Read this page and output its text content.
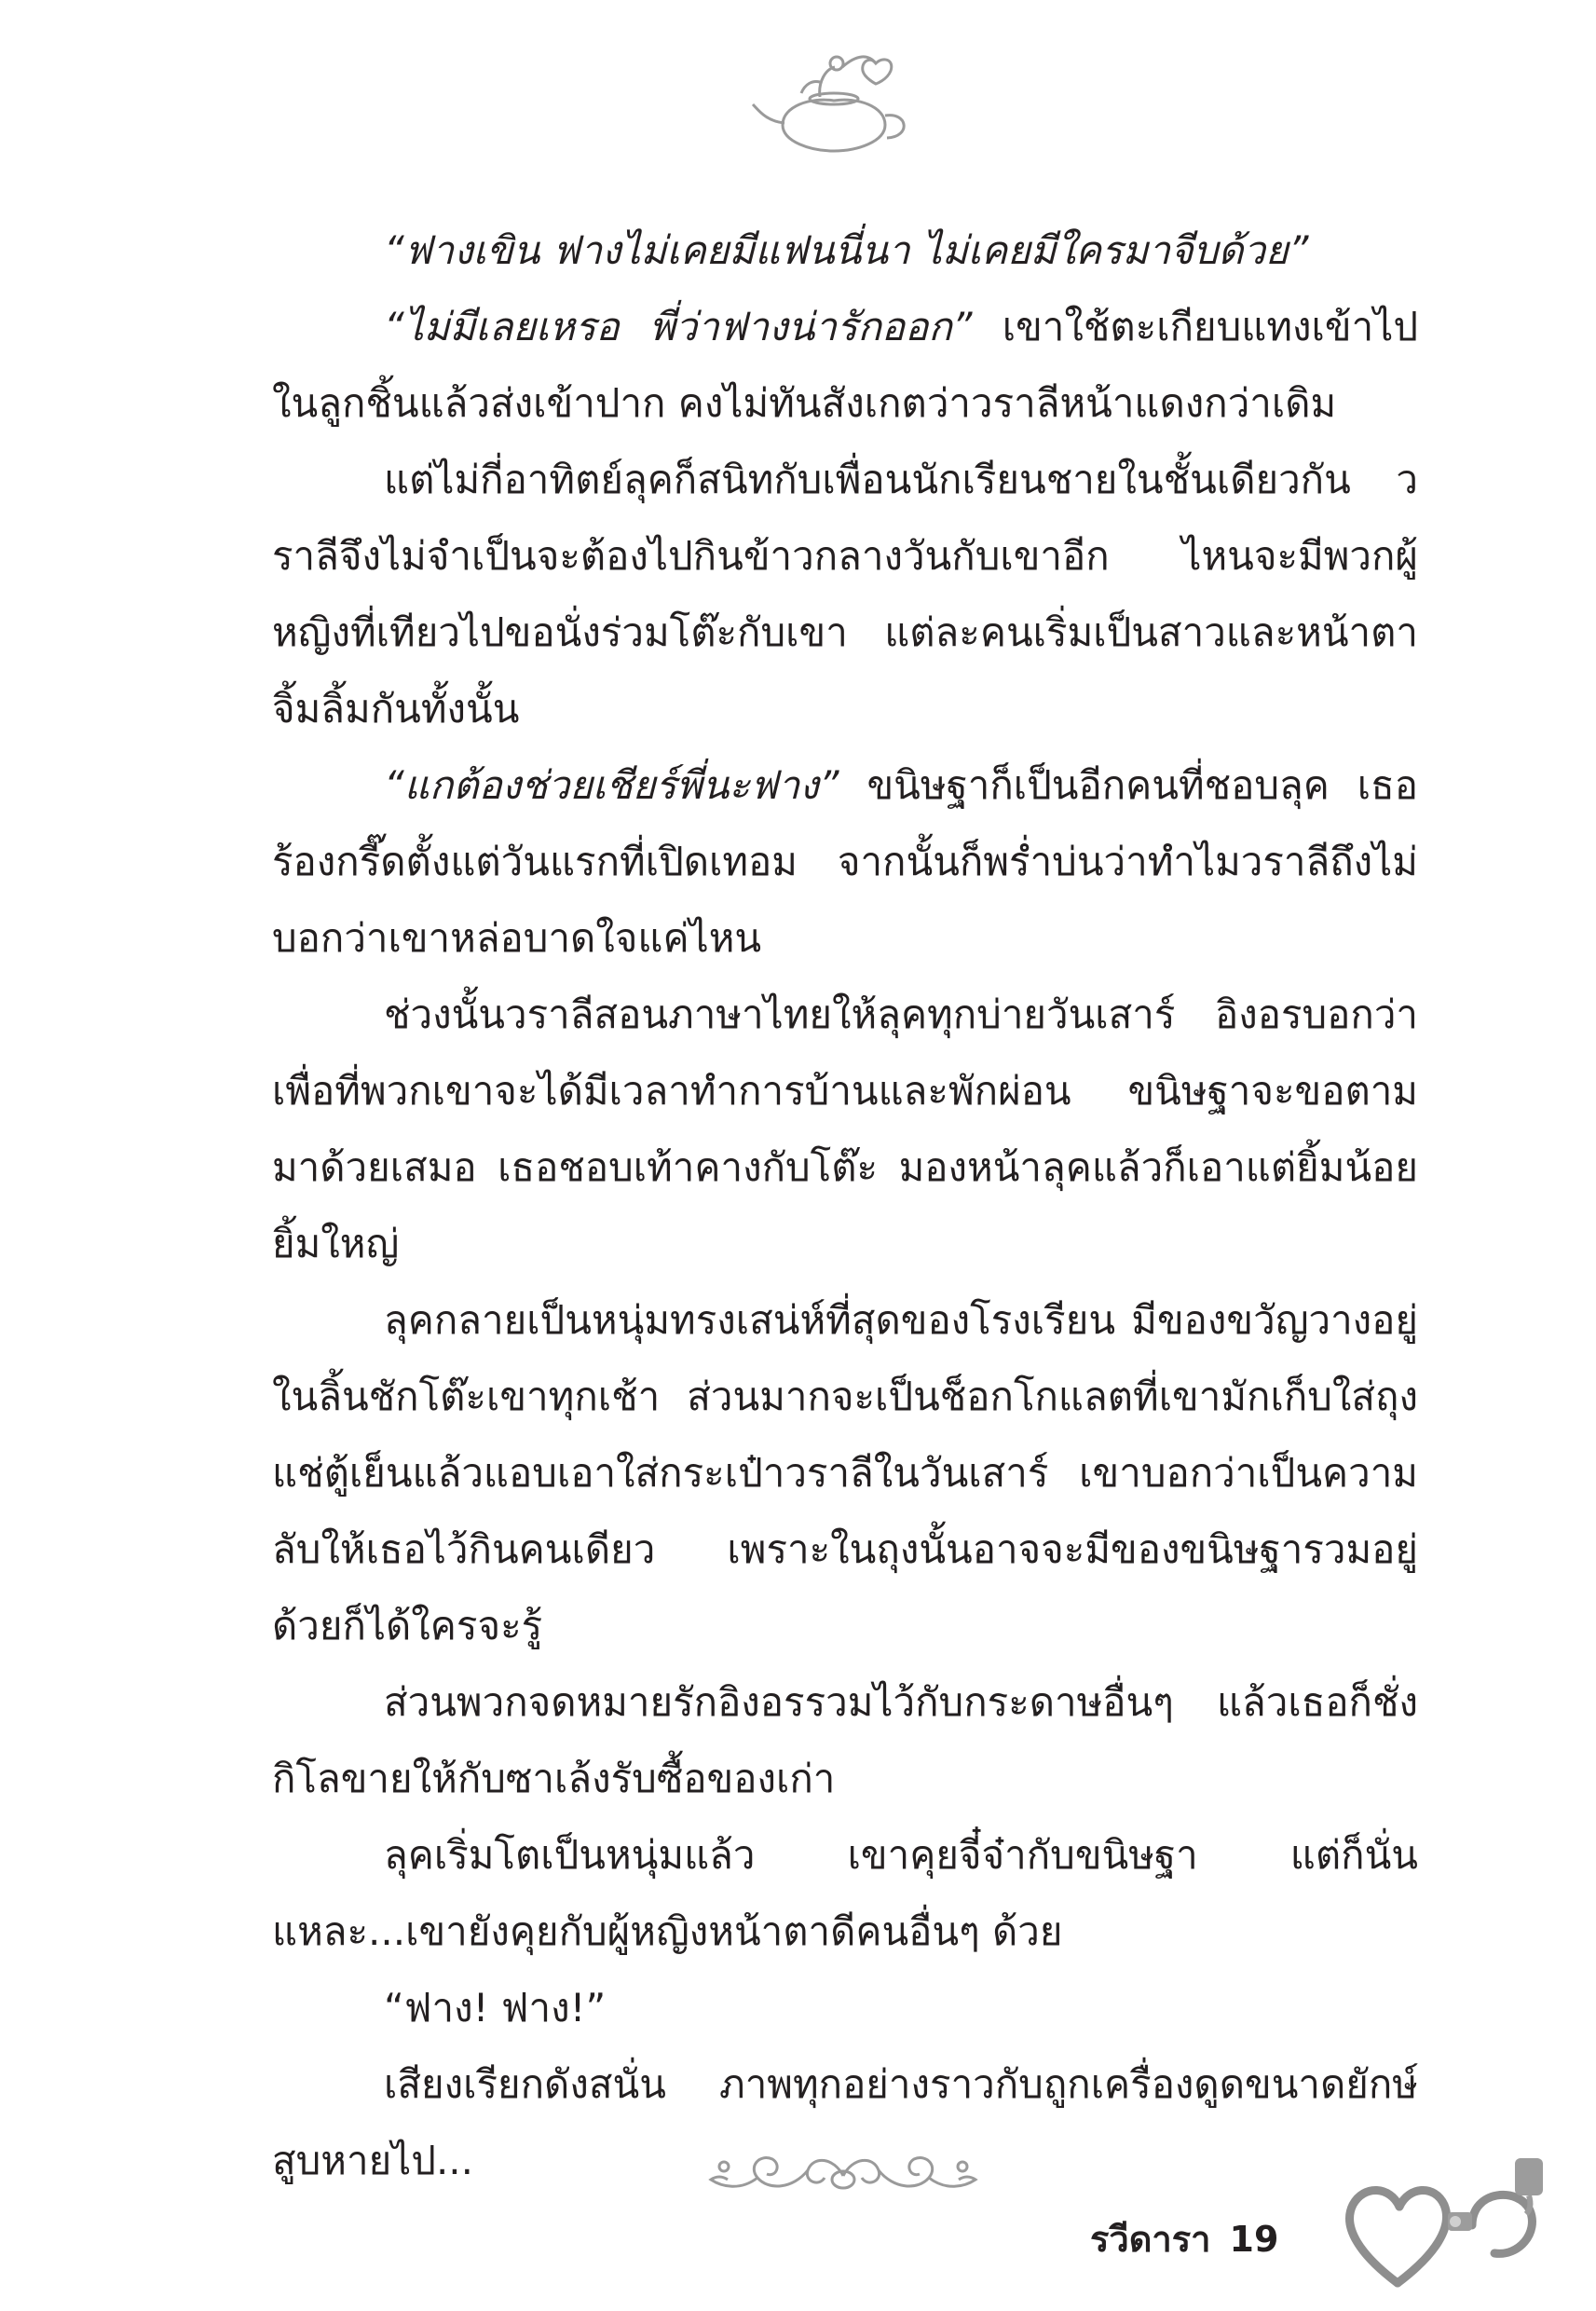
“ฟางเขิน ฟางไม่เคยมีแฟนนี่นา ไม่เคยมีใครมาจีบด้วย”

“ไม่มีเลยเหรอ พี่ว่าฟางน่ารักออก” เขาใช้ตะเกียบแทงเข้าไปในลูกชิ้นแล้วส่งเข้าปาก คงไม่ทันสังเกตว่าวราลีหน้าแดงกว่าเดิม

แต่ไม่กี่อาทิตย์ลุคก็สนิทกับเพื่อนนักเรียนชายในชั้นเดียวกัน วราลีจึงไม่จำเป็นจะต้องไปกินข้าวกลางวันกับเขาอีก ไหนจะมีพวกผู้หญิงที่เทียวไปขอนั่งร่วมโต๊ะกับเขา แต่ละคนเริ่มเป็นสาวและหน้าตาจิ้มลิ้มกันทั้งนั้น

“แกต้องช่วยเชียร์พี่นะฟาง” ขนิษฐาก็เป็นอีกคนที่ชอบลุค เธอร้องกรี๊ดตั้งแต่วันแรกที่เปิดเทอม จากนั้นก็พร่ำบ่นว่าทำไมวราลีถึงไม่บอกว่าเขาหล่อบาดใจแค่ไหน

ช่วงนั้นวราลีสอนภาษาไทยให้ลุคทุกบ่ายวันเสาร์ อิงอรบอกว่าเพื่อที่พวกเขาจะได้มีเวลาทำการบ้านและพักผ่อน ขนิษฐาจะขอตามมาด้วยเสมอ เธอชอบเท้าคางกับโต๊ะ มองหน้าลุคแล้วก็เอาแต่ยิ้มน้อยยิ้มใหญ่

ลุคกลายเป็นหนุ่มทรงเสน่ห์ที่สุดของโรงเรียน มีของขวัญวางอยู่ในลิ้นชักโต๊ะเขาทุกเช้า ส่วนมากจะเป็นช็อกโกแลตที่เขามักเก็บใส่ถุงแช่ตู้เย็นแล้วแอบเอาใส่กระเป๋าวราลีในวันเสาร์ เขาบอกว่าเป็นความลับให้เธอไว้กินคนเดียว เพราะในถุงนั้นอาจจะมีของขนิษฐารวมอยู่ด้วยก็ได้ใครจะรู้

ส่วนพวกจดหมายรักอิงอรรวมไว้กับกระดาษอื่นๆ แล้วเธอก็ชั่งกิโลขายให้กับซาเล้งรับซื้อของเก่า

ลุคเริ่มโตเป็นหนุ่มแล้ว เขาคุยจี๋จ๋ากับขนิษฐา แต่ก็นั่นแหละ...เขายังคุยกับผู้หญิงหน้าตาดีคนอื่นๆ ด้วย

“ฟาง! ฟาง!”

เสียงเรียกดังสนั่น ภาพทุกอย่างราวกับถูกเครื่องดูดขนาดยักษ์สูบหายไป...

รวีดารา 19
